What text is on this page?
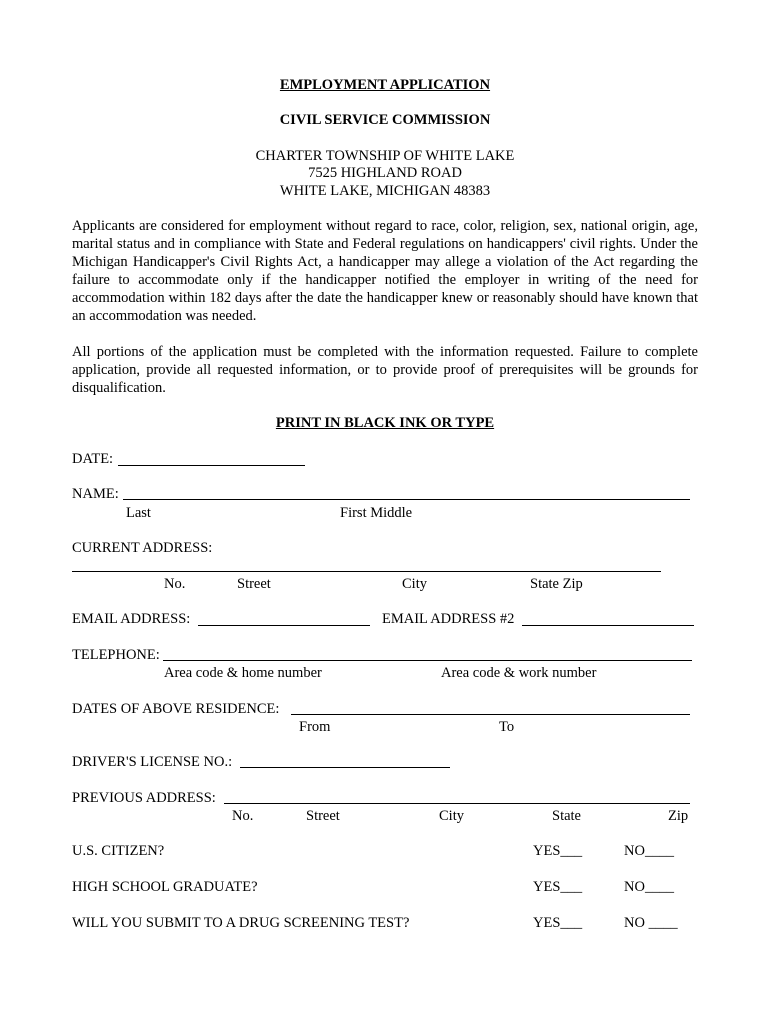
EMPLOYMENT APPLICATION
CIVIL SERVICE COMMISSION
CHARTER TOWNSHIP OF WHITE LAKE
7525 HIGHLAND ROAD
WHITE LAKE, MICHIGAN 48383
Applicants are considered for employment without regard to race, color, religion, sex, national origin, age, marital status and in compliance with State and Federal regulations on handicappers' civil rights. Under the Michigan Handicapper's Civil Rights Act, a handicapper may allege a violation of the Act regarding the failure to accommodate only if the handicapper notified the employer in writing of the need for accommodation within 182 days after the date the handicapper knew or reasonably should have known that an accommodation was needed.
All portions of the application must be completed with the information requested. Failure to complete application, provide all requested information, or to provide proof of prerequisites will be grounds for disqualification.
PRINT IN BLACK INK OR TYPE
DATE:
NAME:
Last	First Middle
CURRENT ADDRESS:
No.	Street	City	State Zip
EMAIL ADDRESS:	EMAIL ADDRESS #2
TELEPHONE:
Area code & home number	Area code & work number
DATES OF ABOVE RESIDENCE:
From	To
DRIVER'S LICENSE NO.:
PREVIOUS ADDRESS:
No.	Street	City	State	Zip
U.S. CITIZEN?	YES___	NO____
HIGH SCHOOL GRADUATE?	YES___	NO____
WILL YOU SUBMIT TO A DRUG SCREENING TEST?	YES___	NO ____
